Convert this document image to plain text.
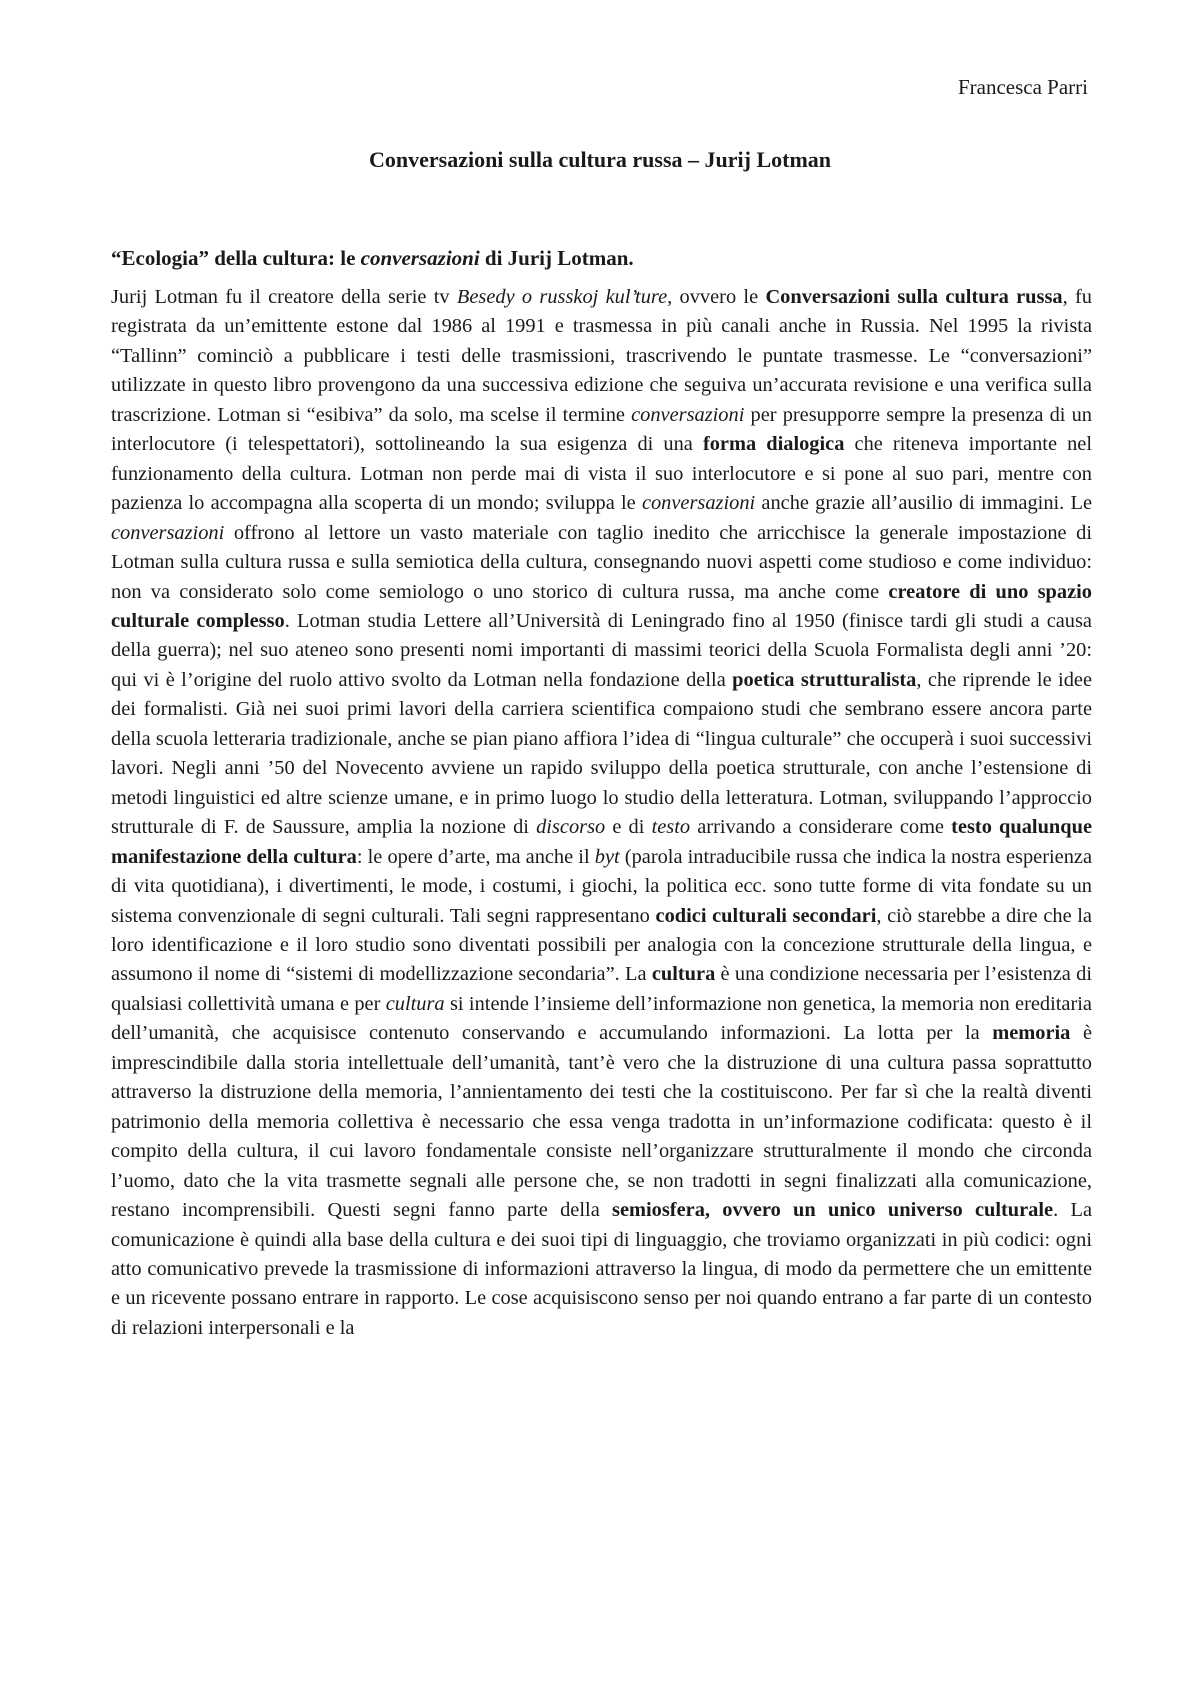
Francesca Parri
Conversazioni sulla cultura russa – Jurij Lotman
“Ecologia” della cultura: le conversazioni di Jurij Lotman.

Jurij Lotman fu il creatore della serie tv Besedy o russkoj kul’ture, ovvero le Conversazioni sulla cultura russa, fu registrata da un’emittente estone dal 1986 al 1991 e trasmessa in più canali anche in Russia. Nel 1995 la rivista “Tallinn” cominciò a pubblicare i testi delle trasmissioni, trascrivendo le puntate trasmesse. Le “conversazioni” utilizzate in questo libro provengono da una successiva edizione che seguiva un’accurata revisione e una verifica sulla trascrizione. Lotman si “esibiva” da solo, ma scelse il termine conversazioni per presupporre sempre la presenza di un interlocutore (i telespettatori), sottolineando la sua esigenza di una forma dialogica che riteneva importante nel funzionamento della cultura. Lotman non perde mai di vista il suo interlocutore e si pone al suo pari, mentre con pazienza lo accompagna alla scoperta di un mondo; sviluppa le conversazioni anche grazie all’ausilio di immagini. Le conversazioni offrono al lettore un vasto materiale con taglio inedito che arricchisce la generale impostazione di Lotman sulla cultura russa e sulla semiotica della cultura, consegnando nuovi aspetti come studioso e come individuo: non va considerato solo come semiologo o uno storico di cultura russa, ma anche come creatore di uno spazio culturale complesso. Lotman studia Lettere all’Università di Leningrado fino al 1950 (finisce tardi gli studi a causa della guerra); nel suo ateneo sono presenti nomi importanti di massimi teorici della Scuola Formalista degli anni ’20: qui vi è l’origine del ruolo attivo svolto da Lotman nella fondazione della poetica strutturalista, che riprende le idee dei formalisti. Già nei suoi primi lavori della carriera scientifica compaiono studi che sembrano essere ancora parte della scuola letteraria tradizionale, anche se pian piano affiora l’idea di “lingua culturale” che occuperà i suoi successivi lavori. Negli anni ’50 del Novecento avviene un rapido sviluppo della poetica strutturale, con anche l’estensione di metodi linguistici ed altre scienze umane, e in primo luogo lo studio della letteratura. Lotman, sviluppando l’approccio strutturale di F. de Saussure, amplia la nozione di discorso e di testo arrivando a considerare come testo qualunque manifestazione della cultura: le opere d’arte, ma anche il byt (parola intraducibile russa che indica la nostra esperienza di vita quotidiana), i divertimenti, le mode, i costumi, i giochi, la politica ecc. sono tutte forme di vita fondate su un sistema convenzionale di segni culturali. Tali segni rappresentano codici culturali secondari, ciò starebbe a dire che la loro identificazione e il loro studio sono diventati possibili per analogia con la concezione strutturale della lingua, e assumono il nome di “sistemi di modellizzazione secondaria”. La cultura è una condizione necessaria per l’esistenza di qualsiasi collettività umana e per cultura si intende l’insieme dell’informazione non genetica, la memoria non ereditaria dell’umanità, che acquisisce contenuto conservando e accumulando informazioni. La lotta per la memoria è imprescindibile dalla storia intellettuale dell’umanità, tant’è vero che la distruzione di una cultura passa soprattutto attraverso la distruzione della memoria, l’annientamento dei testi che la costituiscono. Per far sì che la realtà diventi patrimonio della memoria collettiva è necessario che essa venga tradotta in un’informazione codificata: questo è il compito della cultura, il cui lavoro fondamentale consiste nell’organizzare strutturalmente il mondo che circonda l’uomo, dato che la vita trasmette segnali alle persone che, se non tradotti in segni finalizzati alla comunicazione, restano incomprensibili. Questi segni fanno parte della semiosfera, ovvero un unico universo culturale. La comunicazione è quindi alla base della cultura e dei suoi tipi di linguaggio, che troviamo organizzati in più codici: ogni atto comunicativo prevede la trasmissione di informazioni attraverso la lingua, di modo da permettere che un emittente e un ricevente possano entrare in rapporto. Le cose acquisiscono senso per noi quando entrano a far parte di un contesto di relazioni interpersonali e la
